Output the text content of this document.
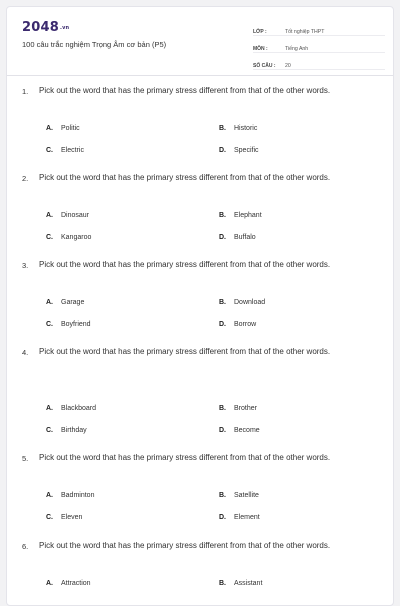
2048.vn
100 câu trắc nghiệm Trọng Âm cơ bản (P5)
LỚP :	Tốt nghiệp THPT
MÔN :	Tiếng Anh
SỐ CÂU :	20
1.	Pick out the word that has the primary stress different from that of the other words.
A.	Politic	B.	Historic
C.	Electric	D.	Specific
2.	Pick out the word that has the primary stress different from that of the other words.
A.	Dinosaur	B.	Elephant
C.	Kangaroo	D.	Buffalo
3.	Pick out the word that has the primary stress different from that of the other words.
A.	Garage	B.	Download
C.	Boyfriend	D.	Borrow
4.	Pick out the word that has the primary stress different from that of the other words.
A.	Blackboard	B.	Brother
C.	Birthday	D.	Become
5.	Pick out the word that has the primary stress different from that of the other words.
A.	Badminton	B.	Satellite
C.	Eleven	D.	Element
6.	Pick out the word that has the primary stress different from that of the other words.
A.	Attraction	B.	Assistant
